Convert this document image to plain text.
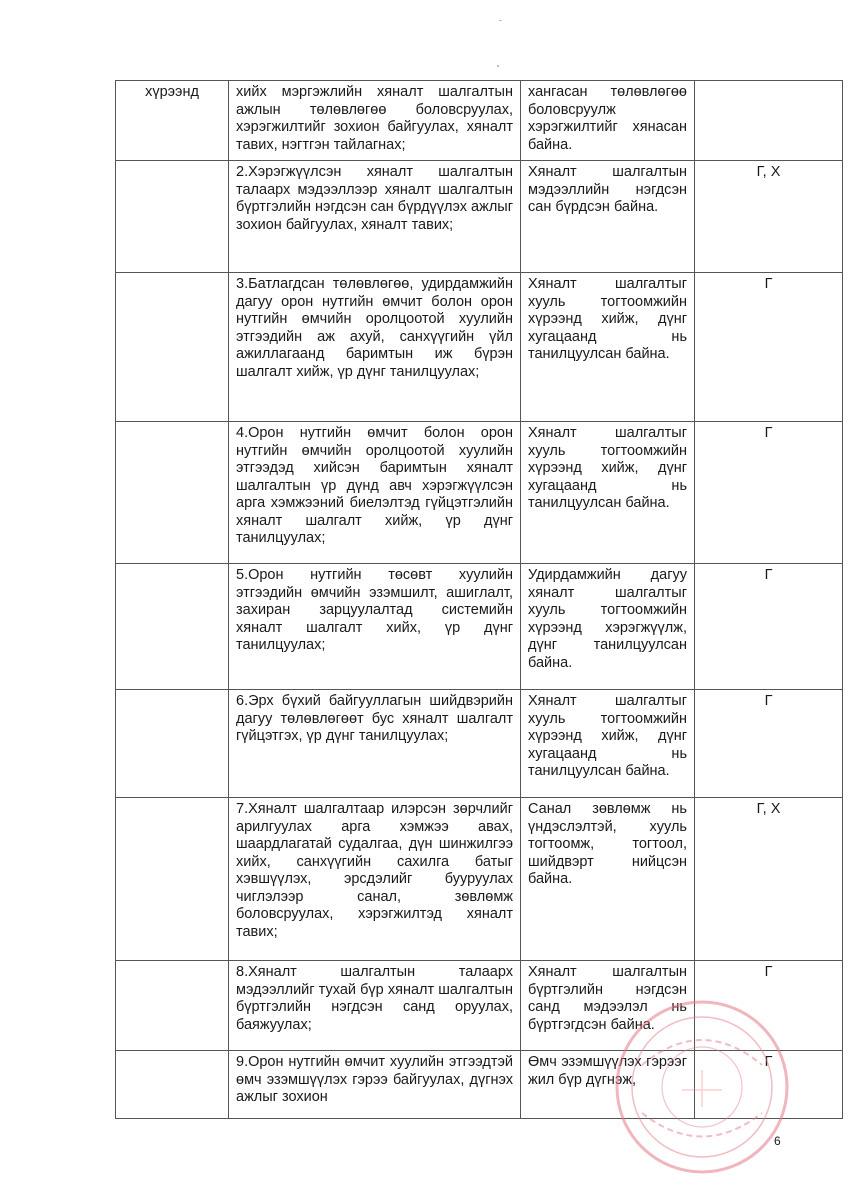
хүрээнд	хийх мэргэжлийн хяналт шалгалтын ажлын төлөвлөгөө боловсруулах, хэрэгжилтийг зохион байгуулах, хяналт тавих, нэгтгэн тайлагнах;	хангасан төлөвлөгөө боловсруулж хэрэгжилтийг хянасан байна.	
	2.Хэрэгжүүлсэн хяналт шалгалтын талаарх мэдээллээр хяналт шалгалтын бүртгэлийн нэгдсэн сан бүрдүүлэх ажлыг зохион байгуулах, хяналт тавих;	Хяналт шалгалтын мэдээллийн нэгдсэн сан бүрдсэн байна.	Г, Х
	3.Батлагдсан төлөвлөгөө, удирдамжийн дагуу орон нутгийн өмчит болон орон нутгийн өмчийн оролцоотой хуулийн этгээдийн аж ахуй, санхүүгийн үйл ажиллагаанд баримтын иж бүрэн шалгалт хийж, үр дүнг танилцуулах;	Хяналт шалгалтыг хууль тогтоомжийн хүрээнд хийж, дүнг хугацаанд нь танилцуулсан байна.	Г
	4.Орон нутгийн өмчит болон орон нутгийн өмчийн оролцоотой хуулийн этгээдэд хийсэн баримтын хяналт шалгалтын үр дүнд авч хэрэгжүүлсэн арга хэмжээний биелэлтэд гүйцэтгэлийн хяналт шалгалт хийж, үр дүнг танилцуулах;	Хяналт шалгалтыг хууль тогтоомжийн хүрээнд хийж, дүнг хугацаанд нь танилцуулсан байна.	Г
	5.Орон нутгийн төсөвт хуулийн этгээдийн өмчийн эзэмшилт, ашиглалт, захиран зарцуулалтад системийн хяналт шалгалт хийх, үр дүнг танилцуулах;	Удирдамжийн дагуу хяналт шалгалтыг хууль тогтоомжийн хүрээнд хэрэгжүүлж, дүнг танилцуулсан байна.	Г
	6.Эрх бүхий байгууллагын шийдвэрийн дагуу төлөвлөгөөт бус хяналт шалгалт гүйцэтгэх, үр дүнг танилцуулах;	Хяналт шалгалтыг хууль тогтоомжийн хүрээнд хийж, дүнг хугацаанд нь танилцуулсан байна.	Г
	7.Хяналт шалгалтаар илэрсэн зөрчлийг арилгуулах арга хэмжээ авах, шаардлагатай судалгаа, дүн шинжилгээ хийх, санхүүгийн сахилга батыг хэвшүүлэх, эрсдэлийг бууруулах чиглэлээр санал, зөвлөмж боловсруулах, хэрэгжилтэд хяналт тавих;	Санал зөвлөмж нь үндэслэлтэй, хууль тогтоомж, тогтоол, шийдвэрт нийцсэн байна.	Г, Х
	8.Хяналт шалгалтын талаарх мэдээллийг тухай бүр хяналт шалгалтын бүртгэлийн нэгдсэн санд оруулах, баяжуулах;	Хяналт шалгалтын бүртгэлийн нэгдсэн санд мэдээлэл нь бүртгэгдсэн байна.	Г
	9.Орон нутгийн өмчит хуулийн этгээдтэй өмч эзэмшүүлэх гэрээ байгуулах, дүгнэх ажлыг зохион	Өмч эзэмшүүлэх гэрээг жил бүр дүгнэж,	Г
6
